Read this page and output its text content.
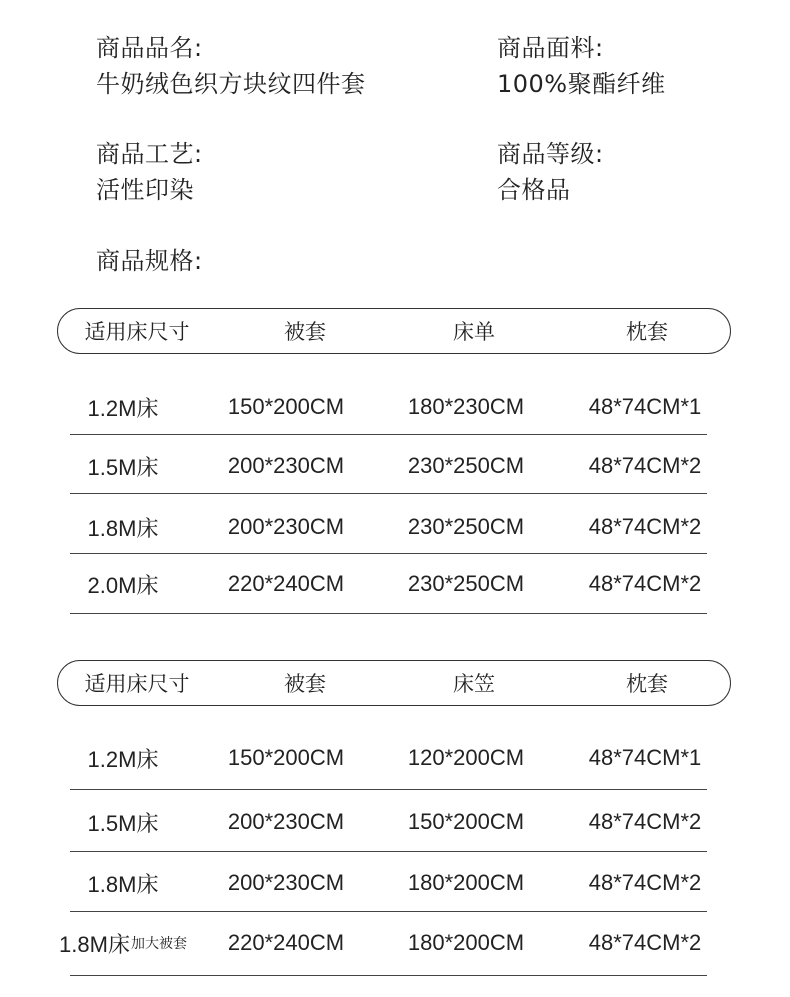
商品品名:
牛奶绒色织方块纹四件套
商品面料:
100%聚酯纤维
商品工艺:
活性印染
商品等级:
合格品
商品规格:
适用床尺寸	被套	床单	枕套
1.2M床	150*200CM	180*230CM	48*74CM*1
1.5M床	200*230CM	230*250CM	48*74CM*2
1.8M床	200*230CM	230*250CM	48*74CM*2
2.0M床	220*240CM	230*250CM	48*74CM*2
适用床尺寸	被套	床笠	枕套
1.2M床	150*200CM	120*200CM	48*74CM*1
1.5M床	200*230CM	150*200CM	48*74CM*2
1.8M床	200*230CM	180*200CM	48*74CM*2
1.8M床 加大被套 220*240CM	180*200CM	48*74CM*2
